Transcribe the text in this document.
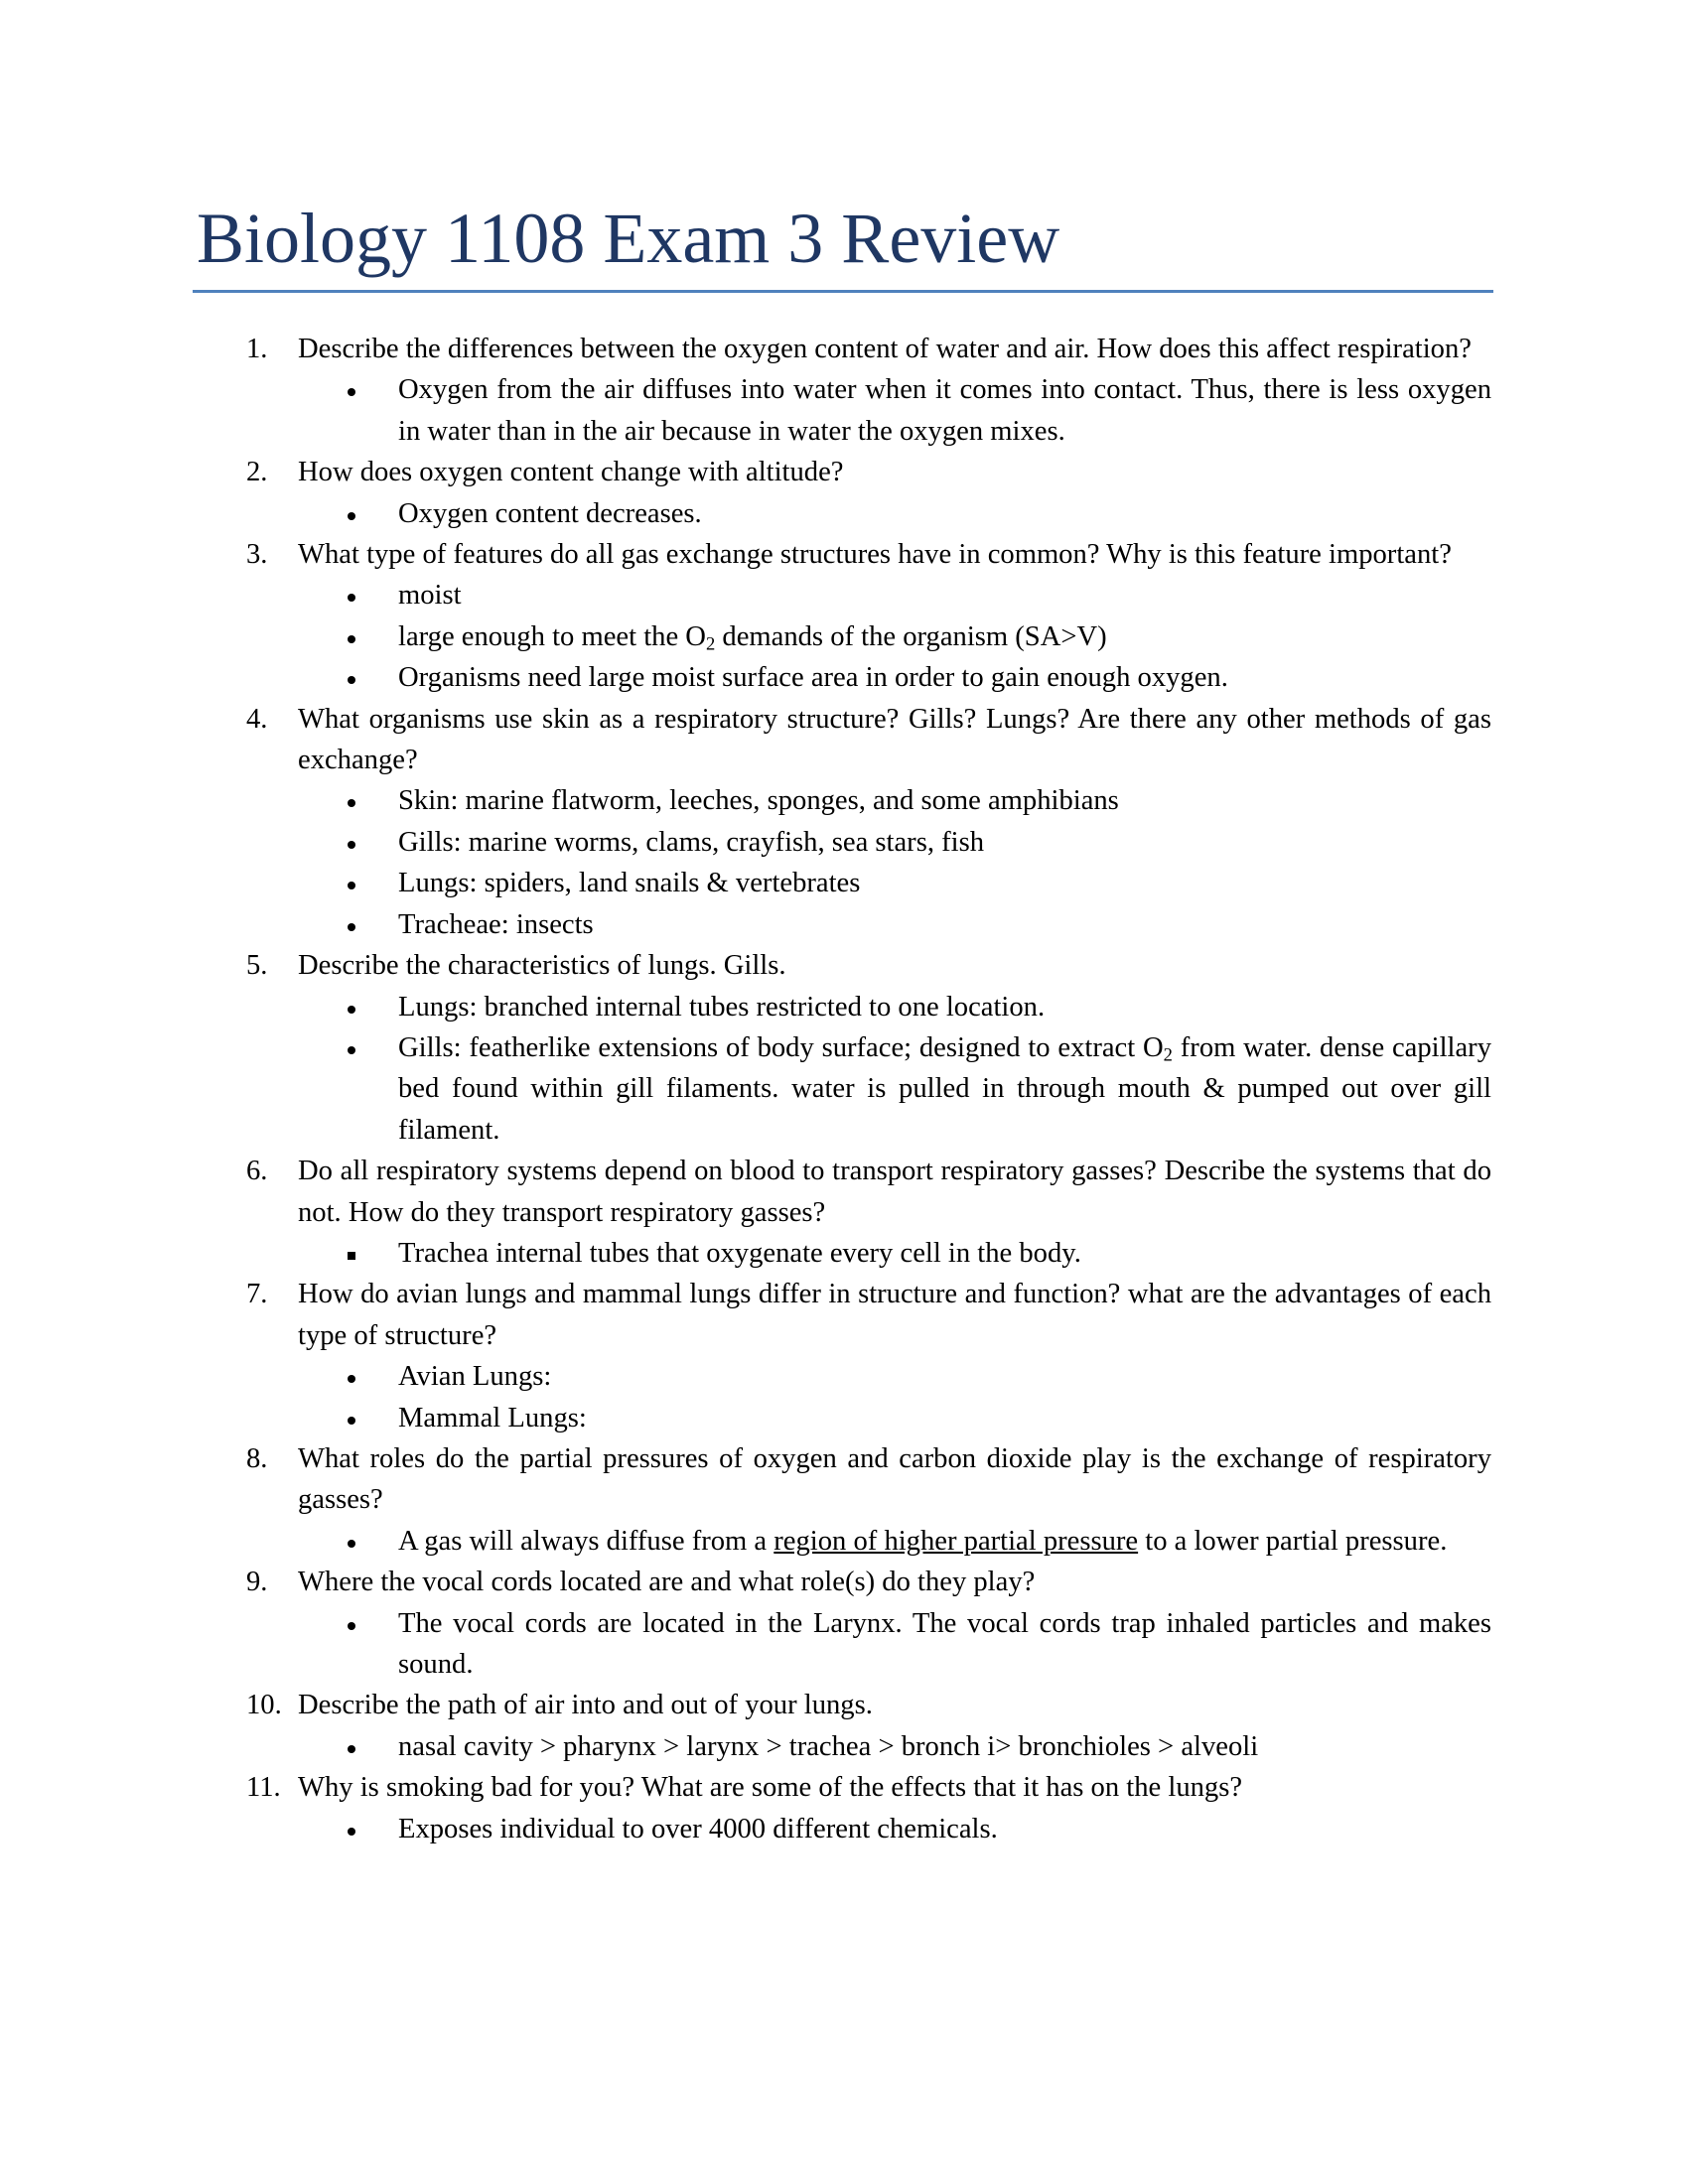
Biology 1108 Exam 3 Review
1. Describe the differences between the oxygen content of water and air. How does this affect respiration?
Oxygen from the air diffuses into water when it comes into contact. Thus, there is less oxygen in water than in the air because in water the oxygen mixes.
2. How does oxygen content change with altitude?
Oxygen content decreases.
3. What type of features do all gas exchange structures have in common? Why is this feature important?
moist
large enough to meet the $O_2$ demands of the organism (SA>V)
Organisms need large moist surface area in order to gain enough oxygen.
4. What organisms use skin as a respiratory structure? Gills? Lungs? Are there any other methods of gas exchange?
Skin: marine flatworm, leeches, sponges, and some amphibians
Gills: marine worms, clams, crayfish, sea stars, fish
Lungs: spiders, land snails & vertebrates
Tracheae: insects
5. Describe the characteristics of lungs. Gills.
Lungs: branched internal tubes restricted to one location.
Gills: featherlike extensions of body surface; designed to extract $O_2$ from water. dense capillary bed found within gill filaments. water is pulled in through mouth & pumped out over gill filament.
6. Do all respiratory systems depend on blood to transport respiratory gasses? Describe the systems that do not. How do they transport respiratory gasses?
Trachea internal tubes that oxygenate every cell in the body.
7. How do avian lungs and mammal lungs differ in structure and function? what are the advantages of each type of structure?
Avian Lungs:
Mammal Lungs:
8. What roles do the partial pressures of oxygen and carbon dioxide play is the exchange of respiratory gasses?
A gas will always diffuse from a region of higher partial pressure to a lower partial pressure.
9. Where the vocal cords located are and what role(s) do they play?
The vocal cords are located in the Larynx. The vocal cords trap inhaled particles and makes sound.
10. Describe the path of air into and out of your lungs.
nasal cavity > pharynx > larynx > trachea > bronch i> bronchioles > alveoli
11. Why is smoking bad for you? What are some of the effects that it has on the lungs?
Exposes individual to over 4000 different chemicals.
